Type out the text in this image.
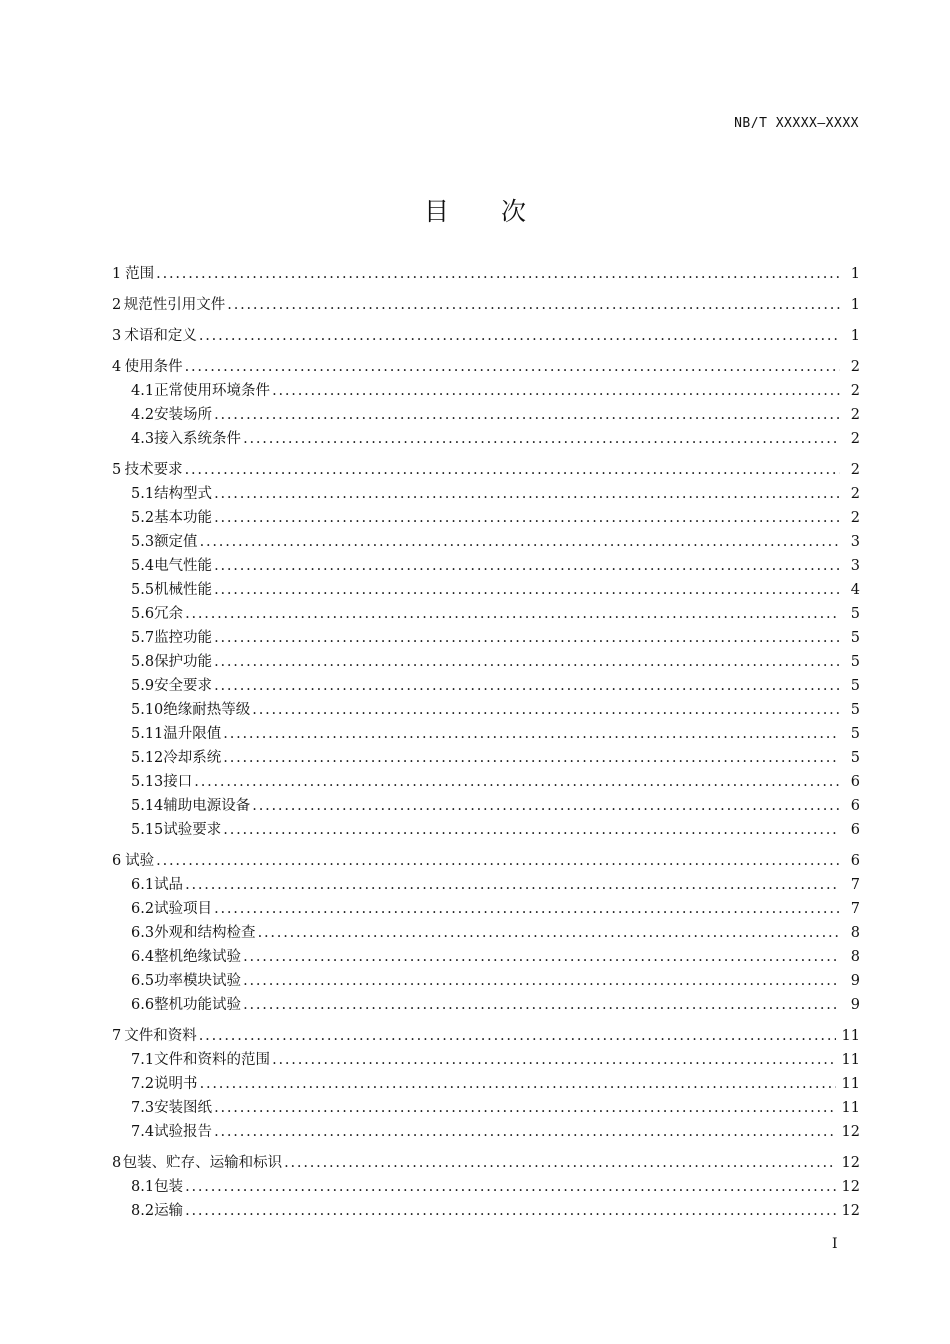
NB/T XXXXX—XXXX
目 次
1 范围 .....	1
2 规范性引用文件 .....	1
3 术语和定义 .....	1
4 使用条件 .....	2
4.1 正常使用环境条件 .....	2
4.2 安装场所 .....	2
4.3 接入系统条件 .....	2
5 技术要求 .....	2
5.1 结构型式 .....	2
5.2 基本功能 .....	2
5.3 额定值 .....	3
5.4 电气性能 .....	3
5.5 机械性能 .....	4
5.6 冗余 .....	5
5.7 监控功能 .....	5
5.8 保护功能 .....	5
5.9 安全要求 .....	5
5.10 绝缘耐热等级 .....	5
5.11 温升限值 .....	5
5.12 冷却系统 .....	5
5.13 接口 .....	6
5.14 辅助电源设备 .....	6
5.15 试验要求 .....	6
6 试验 .....	6
6.1 试品 .....	7
6.2 试验项目 .....	7
6.3 外观和结构检查 .....	8
6.4 整机绝缘试验 .....	8
6.5 功率模块试验 .....	9
6.6 整机功能试验 .....	9
7 文件和资料 .....	11
7.1 文件和资料的范围 .....	11
7.2 说明书 .....	11
7.3 安装图纸 .....	11
7.4 试验报告 .....	12
8 包装、贮存、运输和标识 .....	12
8.1 包装 .....	12
8.2 运输 .....	12
I
